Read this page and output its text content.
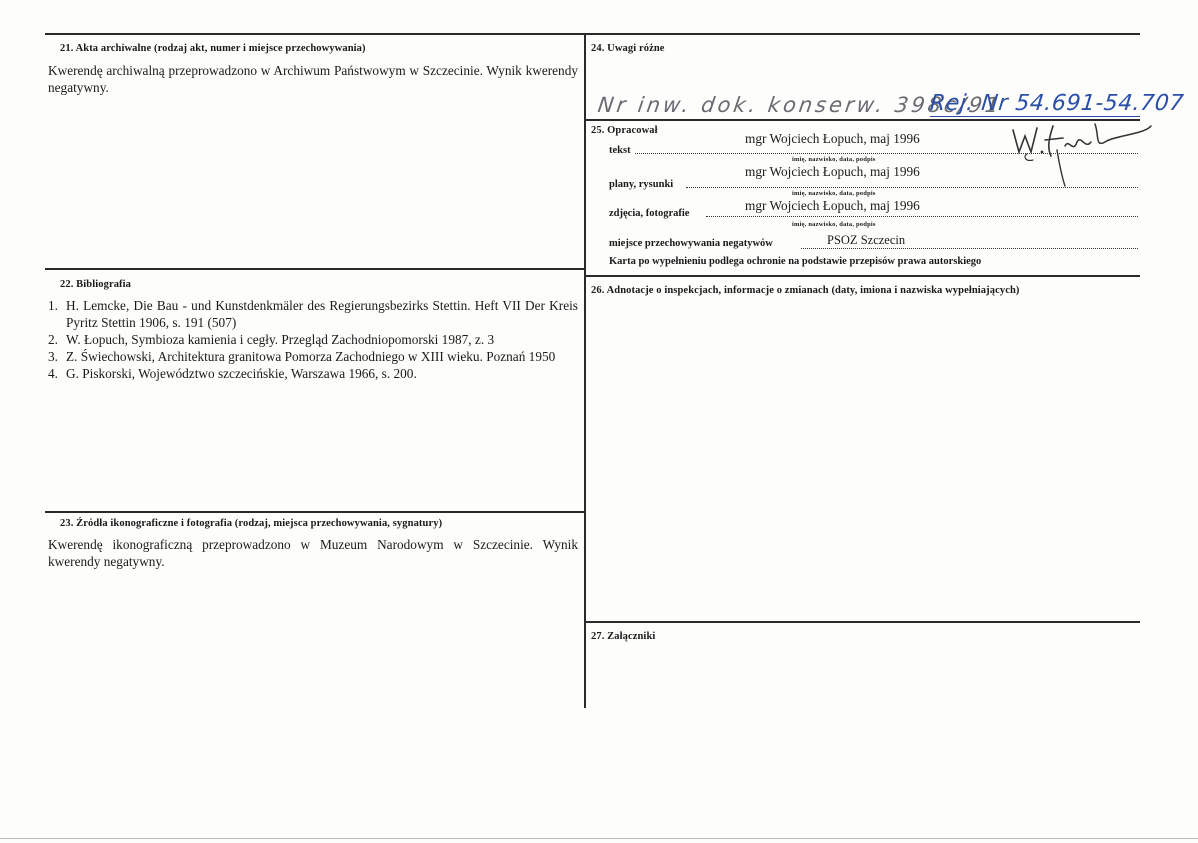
21. Akta archiwalne (rodzaj akt, numer i miejsce przechowywania)
Kwerendę archiwalną przeprowadzono w Archiwum Państwowym w Szczecinie. Wynik kwerendy negatywny.
22. Bibliografia
1. H. Lemcke, Die Bau - und Kunstdenkmäler des Regierungsbezirks Stettin. Heft VII Der Kreis Pyritz Stettin 1906, s. 191 (507)
2. W. Łopuch, Symbioza kamienia i cegły. Przegląd Zachodniopomorski 1987, z. 3
3. Z. Świechowski, Architektura granitowa Pomorza Zachodniego w XIII wieku. Poznań 1950
4. G. Piskorski, Województwo szczecińskie, Warszawa 1966, s. 200.
23. Źródła ikonograficzne i fotografia (rodzaj, miejsca przechowywania, sygnatury)
Kwerendę ikonograficzną przeprowadzono w Muzeum Narodowym w Szczecinie. Wynik kwerendy negatywny.
24. Uwagi różne
Nr inw. dok. konserw. 398c/91
Rej. Nr 54.691-54.707
25. Opracował
tekst
mgr Wojciech Łopuch, maj 1996
imię, nazwisko, data, podpis
plany, rysunki
mgr Wojciech Łopuch, maj 1996
imię, nazwisko, data, podpis
zdjęcia, fotografie
mgr Wojciech Łopuch, maj 1996
imię, nazwisko, data, podpis
miejsce przechowywania negatywów	PSOZ Szczecin
Karta po wypełnieniu podlega ochronie na podstawie przepisów prawa autorskiego
26. Adnotacje o inspekcjach, informacje o zmianach (daty, imiona i nazwiska wypełniających)
27. Załączniki
